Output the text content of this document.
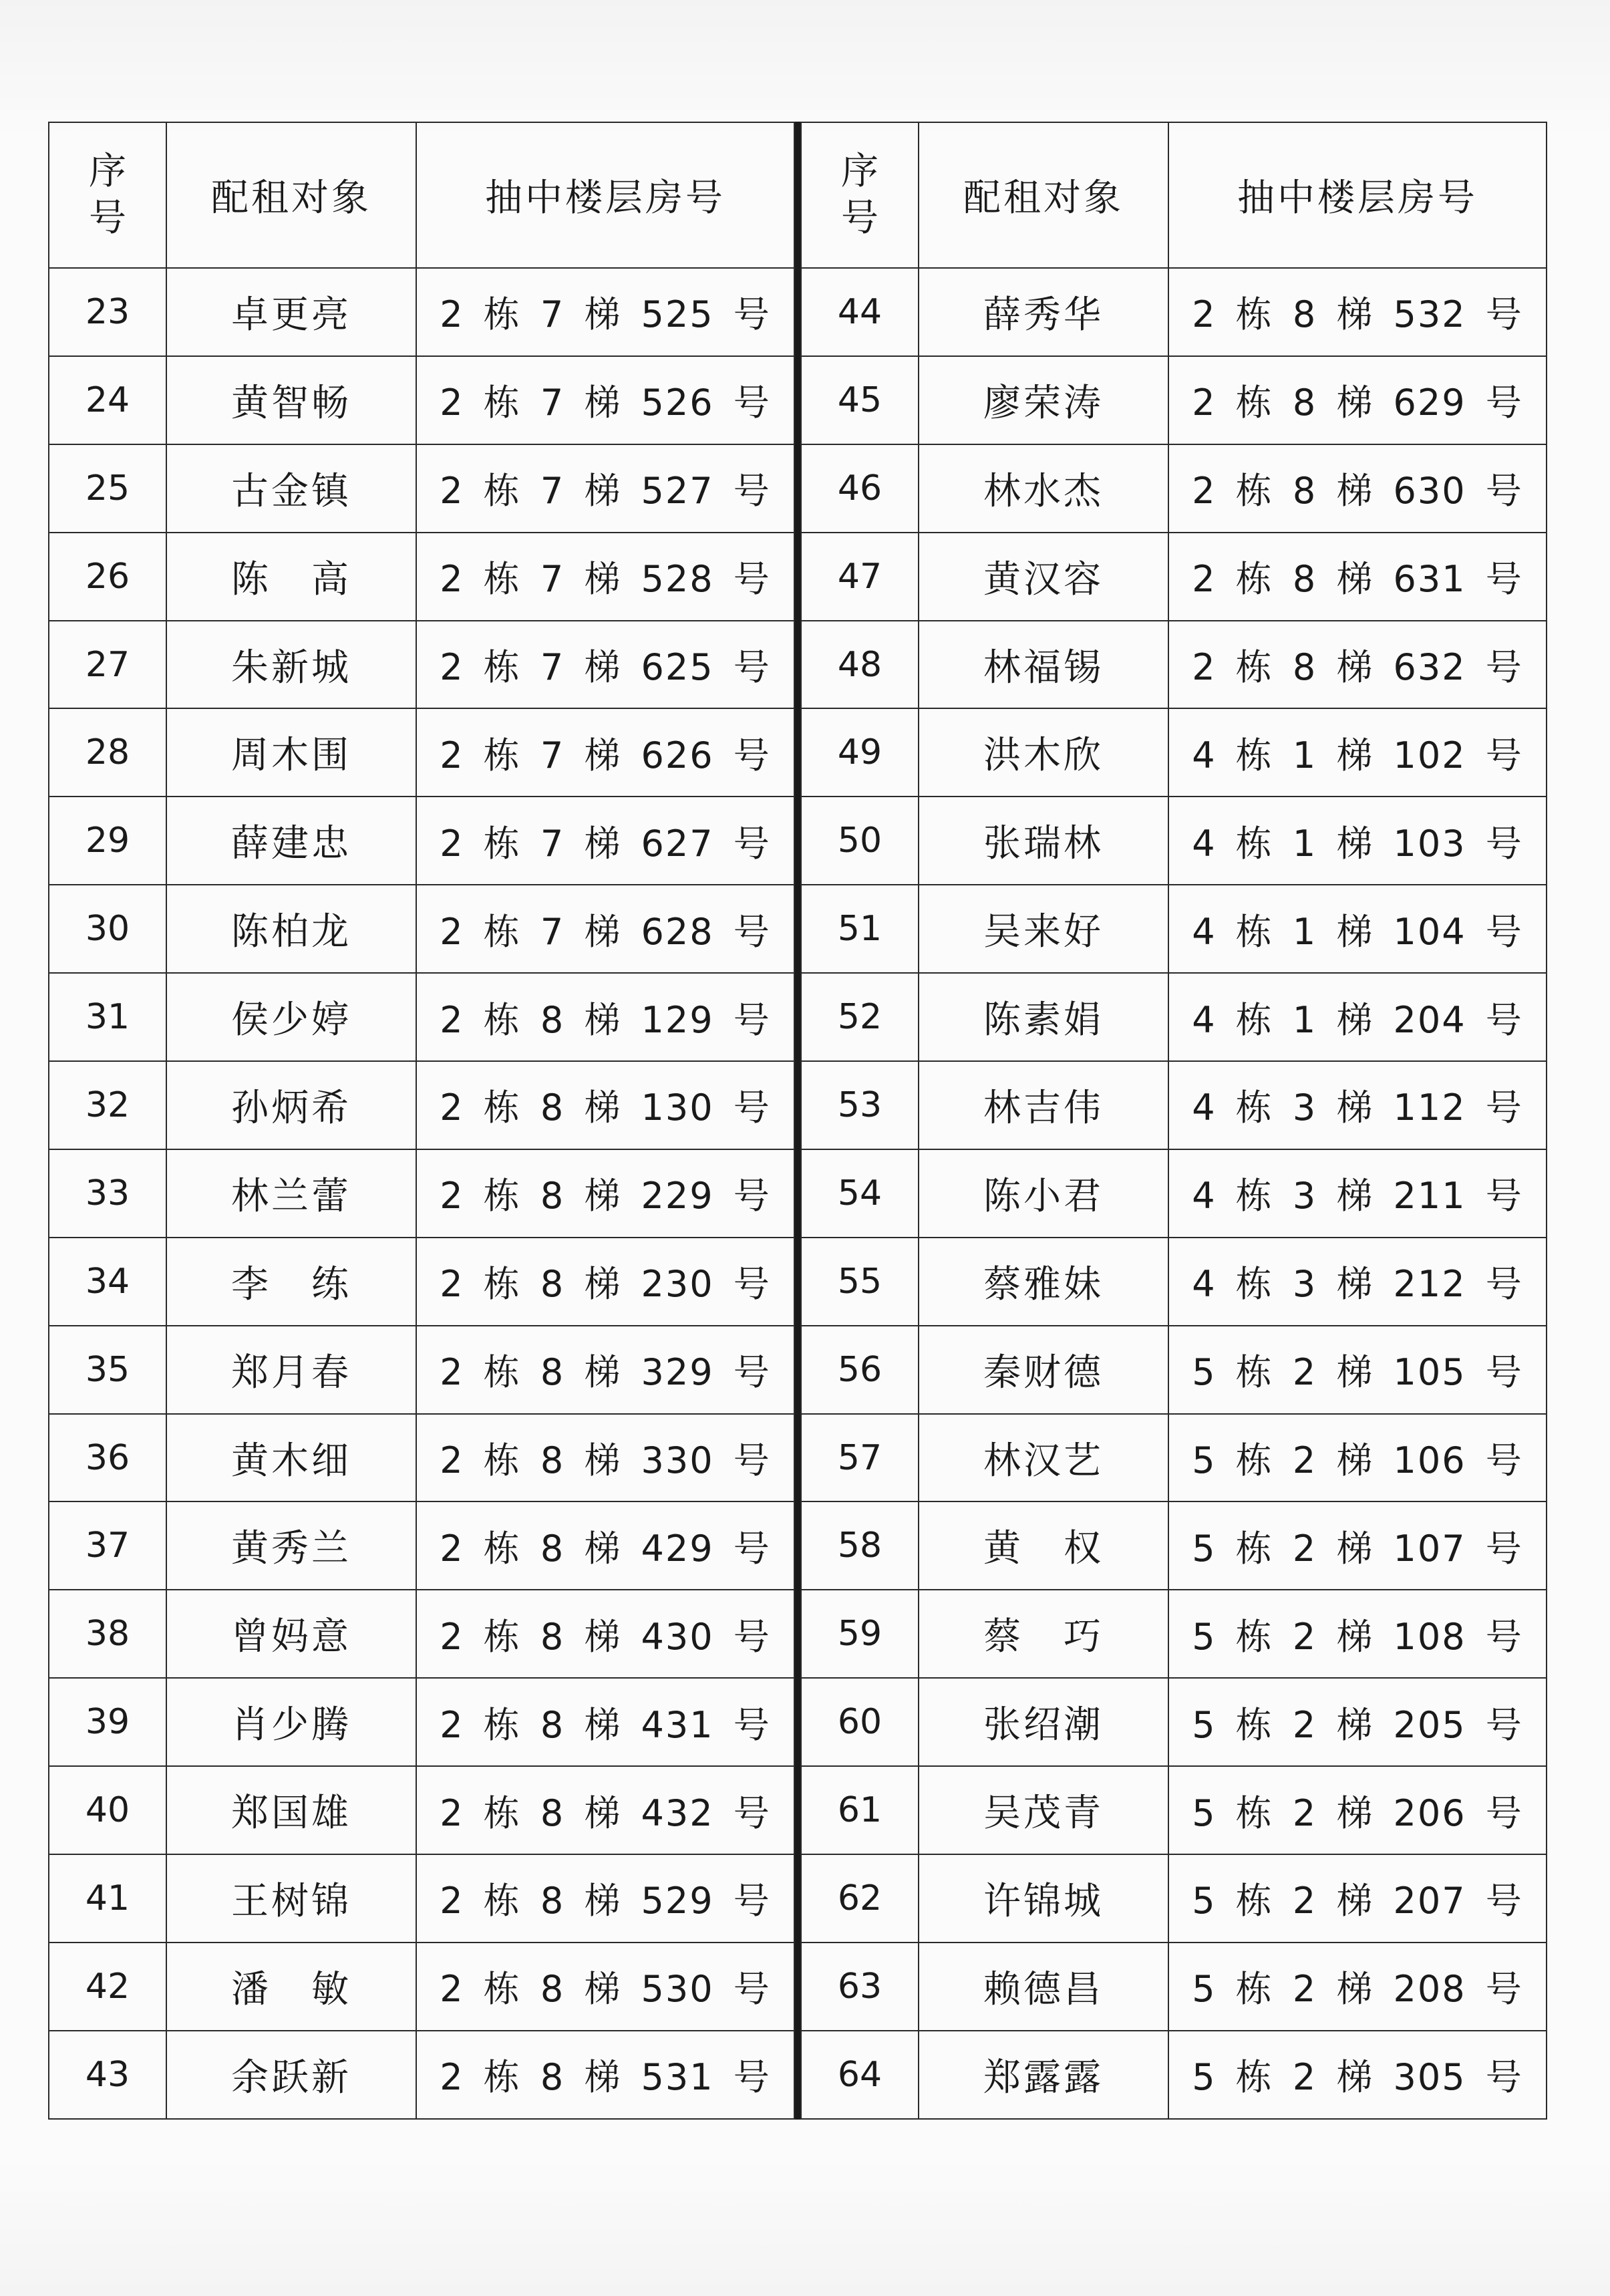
序号	配租对象	抽中楼层房号
23	卓更亮	2 栋 7 梯 525 号
24	黄智畅	2 栋 7 梯 526 号
25	古金镇	2 栋 7 梯 527 号
26	陈　高	2 栋 7 梯 528 号
27	朱新城	2 栋 7 梯 625 号
28	周木围	2 栋 7 梯 626 号
29	薛建忠	2 栋 7 梯 627 号
30	陈柏龙	2 栋 7 梯 628 号
31	侯少婷	2 栋 8 梯 129 号
32	孙炳希	2 栋 8 梯 130 号
33	林兰蕾	2 栋 8 梯 229 号
34	李　练	2 栋 8 梯 230 号
35	郑月春	2 栋 8 梯 329 号
36	黄木细	2 栋 8 梯 330 号
37	黄秀兰	2 栋 8 梯 429 号
38	曾妈意	2 栋 8 梯 430 号
39	肖少腾	2 栋 8 梯 431 号
40	郑国雄	2 栋 8 梯 432 号
41	王树锦	2 栋 8 梯 529 号
42	潘　敏	2 栋 8 梯 530 号
43	余跃新	2 栋 8 梯 531 号
序号	配租对象	抽中楼层房号
44	薛秀华	2 栋 8 梯 532 号
45	廖荣涛	2 栋 8 梯 629 号
46	林水杰	2 栋 8 梯 630 号
47	黄汉容	2 栋 8 梯 631 号
48	林福锡	2 栋 8 梯 632 号
49	洪木欣	4 栋 1 梯 102 号
50	张瑞林	4 栋 1 梯 103 号
51	吴来好	4 栋 1 梯 104 号
52	陈素娟	4 栋 1 梯 204 号
53	林吉伟	4 栋 3 梯 112 号
54	陈小君	4 栋 3 梯 211 号
55	蔡雅妹	4 栋 3 梯 212 号
56	秦财德	5 栋 2 梯 105 号
57	林汉艺	5 栋 2 梯 106 号
58	黄　权	5 栋 2 梯 107 号
59	蔡　巧	5 栋 2 梯 108 号
60	张绍潮	5 栋 2 梯 205 号
61	吴茂青	5 栋 2 梯 206 号
62	许锦城	5 栋 2 梯 207 号
63	赖德昌	5 栋 2 梯 208 号
64	郑露露	5 栋 2 梯 305 号
